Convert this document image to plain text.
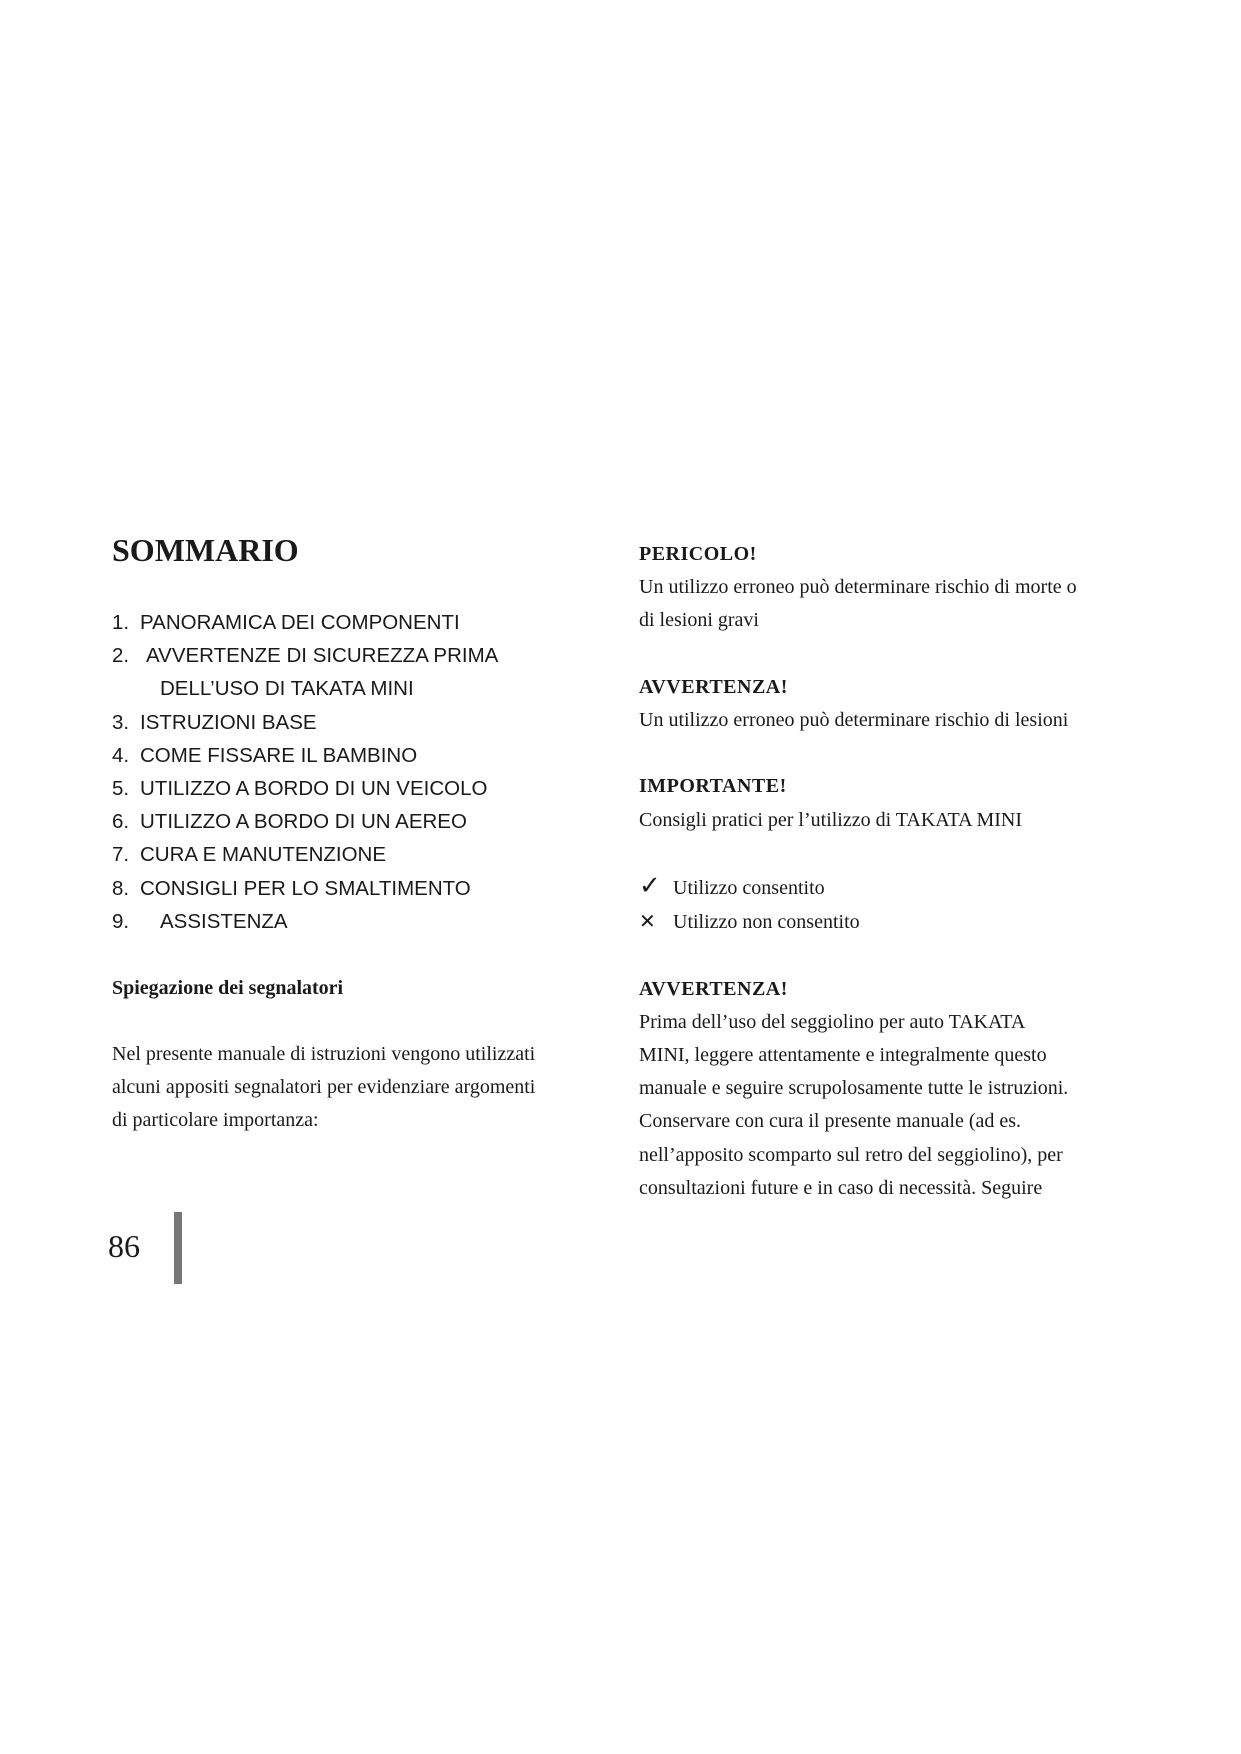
SOMMARIO
1. PANORAMICA DEI COMPONENTI
2. AVVERTENZE DI SICUREZZA PRIMA
DELL’USO DI TAKATA MINI
3. ISTRUZIONI BASE
4. COME FISSARE IL BAMBINO
5. UTILIZZO A BORDO DI UN VEICOLO
6. UTILIZZO A BORDO DI UN AEREO
7. CURA E MANUTENZIONE
8. CONSIGLI PER LO SMALTIMENTO
9. ASSISTENZA
Spiegazione dei segnalatori

Nel presente manuale di istruzioni vengono utilizzati
alcuni appositi segnalatori per evidenziare argomenti
di particolare importanza:

86

PERICOLO!

Un utilizzo erroneo può determinare rischio di morte o

di lesioni gravi

AVVERTENZA!

Un utilizzo erroneo può determinare rischio di lesioni

IMPORTANTE!

Consigli pratici per l’utilizzo di TAKATA MINI

✓ Utilizzo consentito

✕ Utilizzo non consentito

AVVERTENZA!

Prima dell’uso del seggiolino per auto TAKATA

MINI, leggere attentamente e integralmente questo

manuale e seguire scrupolosamente tutte le istruzioni.

Conservare con cura il presente manuale (ad es.

nell’apposito scomparto sul retro del seggiolino), per

consultazioni future e in caso di necessità. Seguire
